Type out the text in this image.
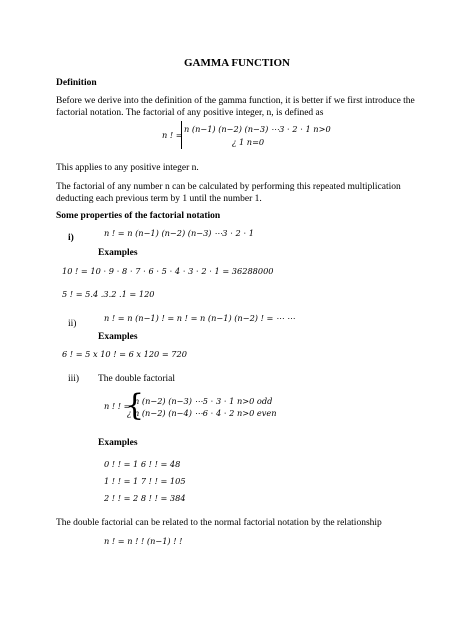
GAMMA FUNCTION
Definition
Before we derive into the definition of the gamma function, it is better if we first introduce the
factorial notation. The factorial of any positive integer, n, is defined as
n ! =
n (n−1) (n−2) (n−3) ⋯3 ⋅ 2 ⋅ 1 n>0
¿ 1 n=0
This applies to any positive integer n.
The factorial of any number n can be calculated by performing this repeated multiplication
deducting each previous term by 1 until the number 1.
Some properties of the factorial notation
i)	n ! = n (n−1) (n−2) (n−3) ⋯3 ⋅ 2 ⋅ 1
Examples
10 ! = 10 ⋅ 9 ⋅ 8 ⋅ 7 ⋅ 6 ⋅ 5 ⋅ 4 ⋅ 3 ⋅ 2 ⋅ 1 = 36288000
5 ! = 5.4 .3.2 .1 = 120
ii)
n ! = n (n−1) ! = n ! = n (n−1) (n−2) ! = ⋯ ⋯
Examples
6 ! = 5 x 10 ! = 6 x 120 = 720
iii) The double factorial
n ! ! =
{
n (n−2) (n−3) ⋯5 ⋅ 3 ⋅ 1 n>0 odd
¿ n (n−2) (n−4) ⋯6 ⋅ 4 ⋅ 2 n>0 even
Examples
0 ! ! = 1 6 ! ! = 48
1 ! ! = 1 7 ! ! = 105
2 ! ! = 2 8 ! ! = 384
The double factorial can be related to the normal factorial notation by the relationship
n ! = n ! ! (n−1) ! !
